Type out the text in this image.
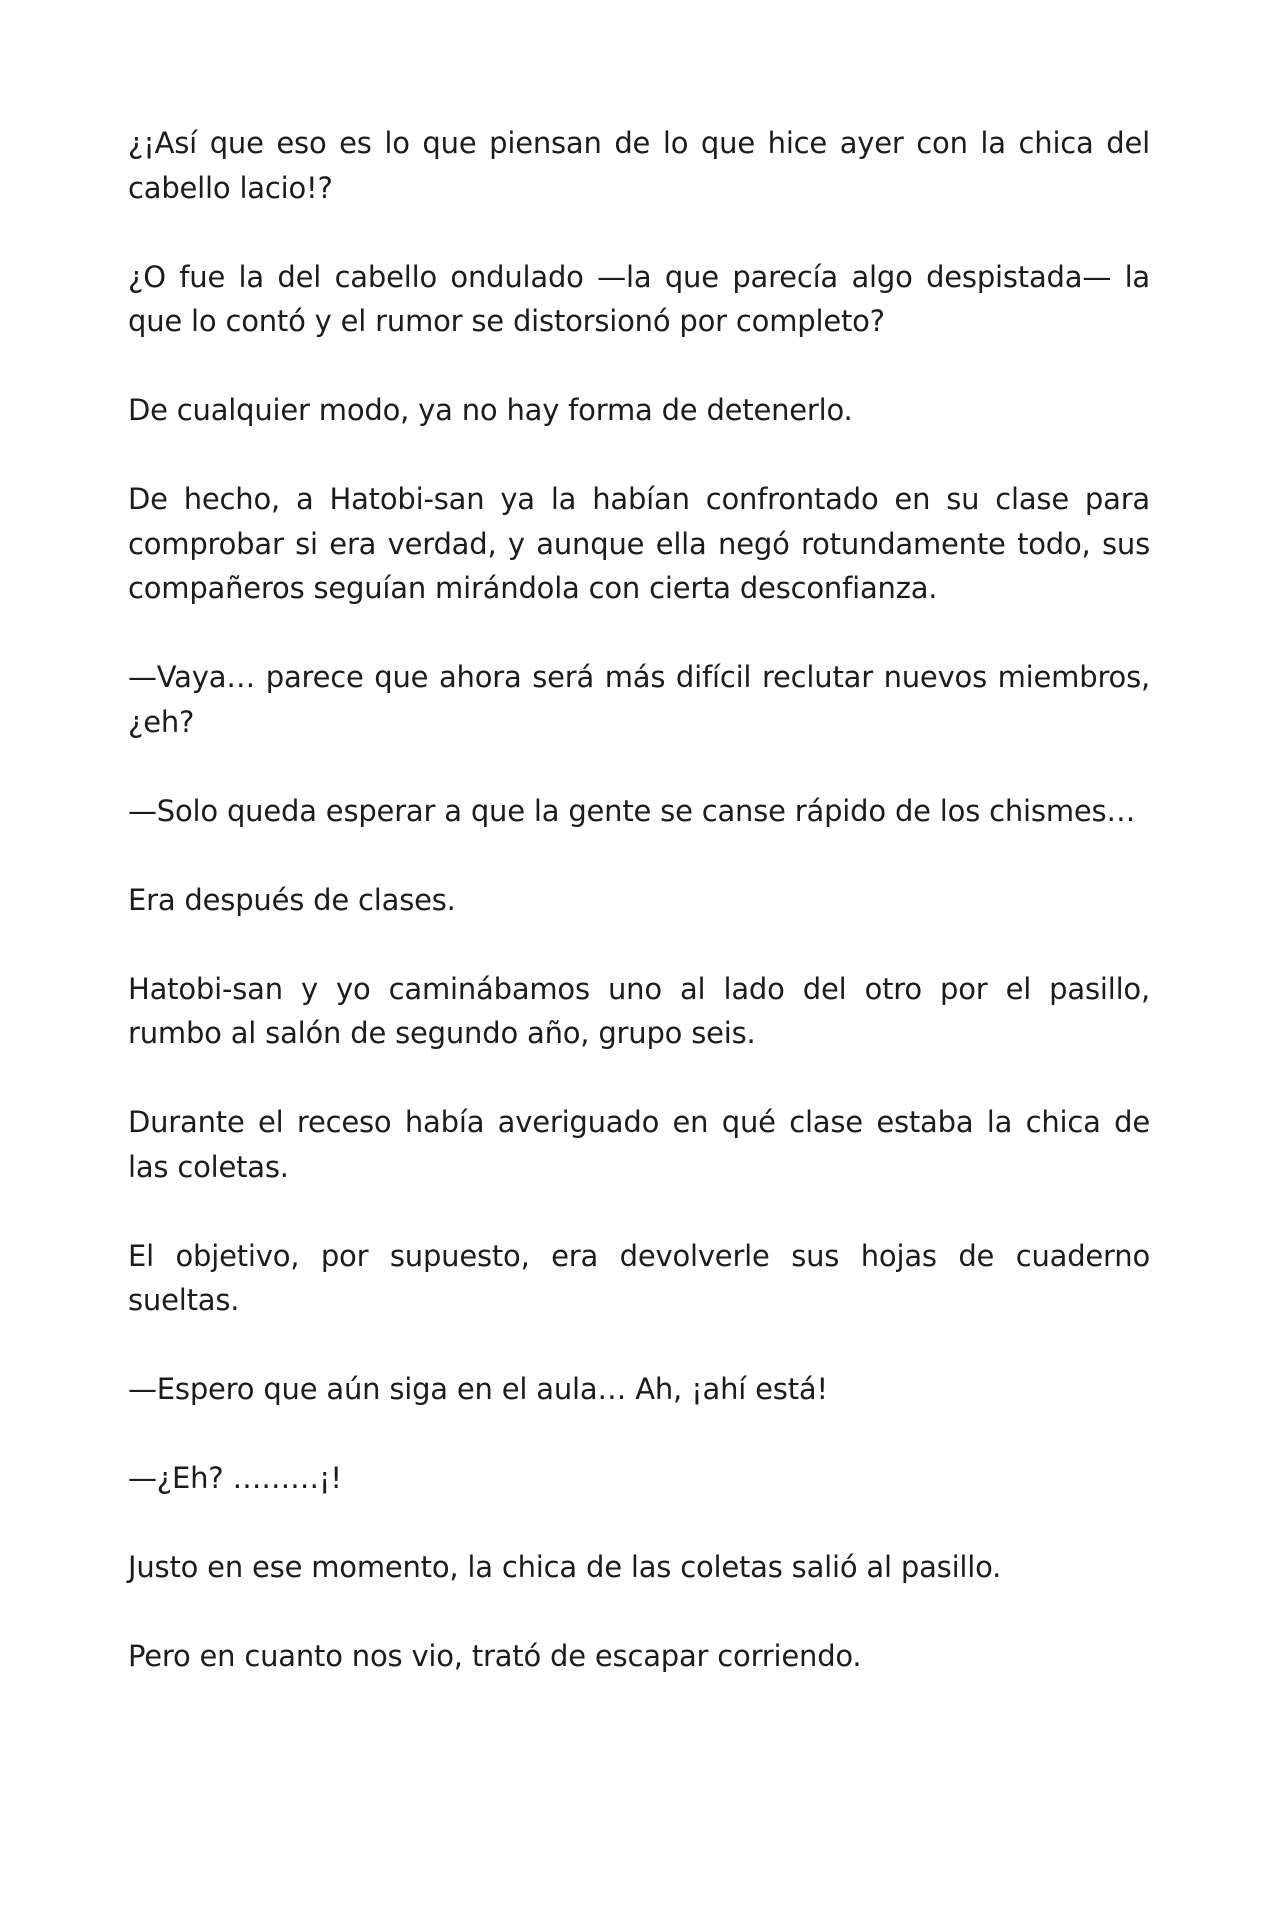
¿¡Así que eso es lo que piensan de lo que hice ayer con la chica del cabello lacio!?

¿O fue la del cabello ondulado —la que parecía algo despistada— la que lo contó y el rumor se distorsionó por completo?

De cualquier modo, ya no hay forma de detenerlo.

De hecho, a Hatobi-san ya la habían confrontado en su clase para comprobar si era verdad, y aunque ella negó rotundamente todo, sus compañeros seguían mirándola con cierta desconfianza.

—Vaya… parece que ahora será más difícil reclutar nuevos miembros, ¿eh?

—Solo queda esperar a que la gente se canse rápido de los chismes…

Era después de clases.

Hatobi-san y yo caminábamos uno al lado del otro por el pasillo, rumbo al salón de segundo año, grupo seis.

Durante el receso había averiguado en qué clase estaba la chica de las coletas.

El objetivo, por supuesto, era devolverle sus hojas de cuaderno sueltas.

—Espero que aún siga en el aula… Ah, ¡ahí está!

—¿Eh? ………¡!

Justo en ese momento, la chica de las coletas salió al pasillo.

Pero en cuanto nos vio, trató de escapar corriendo.
